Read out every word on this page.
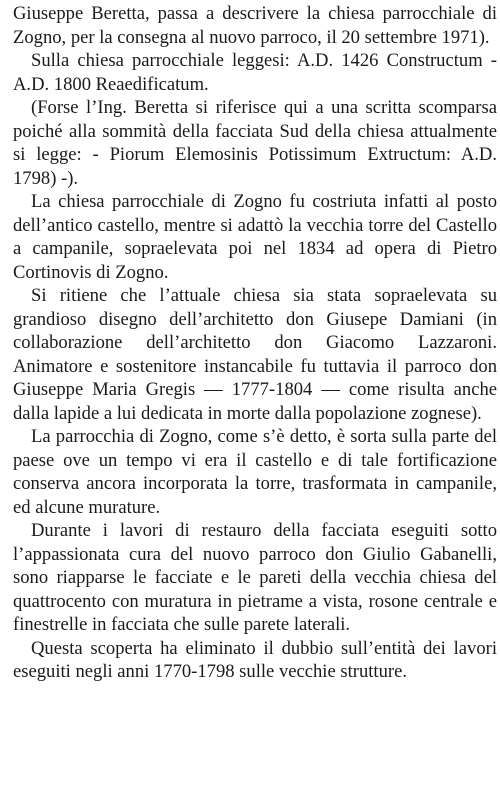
Giuseppe Beretta, passa a descrivere la chiesa parrocchiale di Zogno, per la consegna al nuovo parroco, il 20 settembre 1971).

Sulla chiesa parrocchiale leggesi: A.D. 1426 Constructum - A.D. 1800 Reaedificatum.

(Forse l’Ing. Beretta si riferisce qui a una scritta scomparsa poiché alla sommità della facciata Sud della chiesa attualmente si legge: - Piorum Elemosinis Potissimum Extructum: A.D. 1798) -).

La chiesa parrocchiale di Zogno fu costriuta infatti al posto dell’antico castello, mentre si adattò la vecchia torre del Castello a campanile, sopraelevata poi nel 1834 ad opera di Pietro Cortinovis di Zogno.

Si ritiene che l’attuale chiesa sia stata sopraelevata su grandioso disegno dell’architetto don Giusepe Damiani (in collaborazione dell’architetto don Giacomo Lazzaroni. Animatore e sostenitore instancabile fu tuttavia il parroco don Giuseppe Maria Gregis — 1777-1804 — come risulta anche dalla lapide a lui dedicata in morte dalla popolazione zognese).

La parrocchia di Zogno, come s’è detto, è sorta sulla parte del paese ove un tempo vi era il castello e di tale fortificazione conserva ancora incorporata la torre, trasformata in campanile, ed alcune murature.

Durante i lavori di restauro della facciata eseguiti sotto l’appassionata cura del nuovo parroco don Giulio Gabanelli, sono riapparse le facciate e le pareti della vecchia chiesa del quattrocento con muratura in pietrame a vista, rosone centrale e finestrelle in facciata che sulle parete laterali.

Questa scoperta ha eliminato il dubbio sull’entità dei lavori eseguiti negli anni 1770-1798 sulle vecchie strutture.
